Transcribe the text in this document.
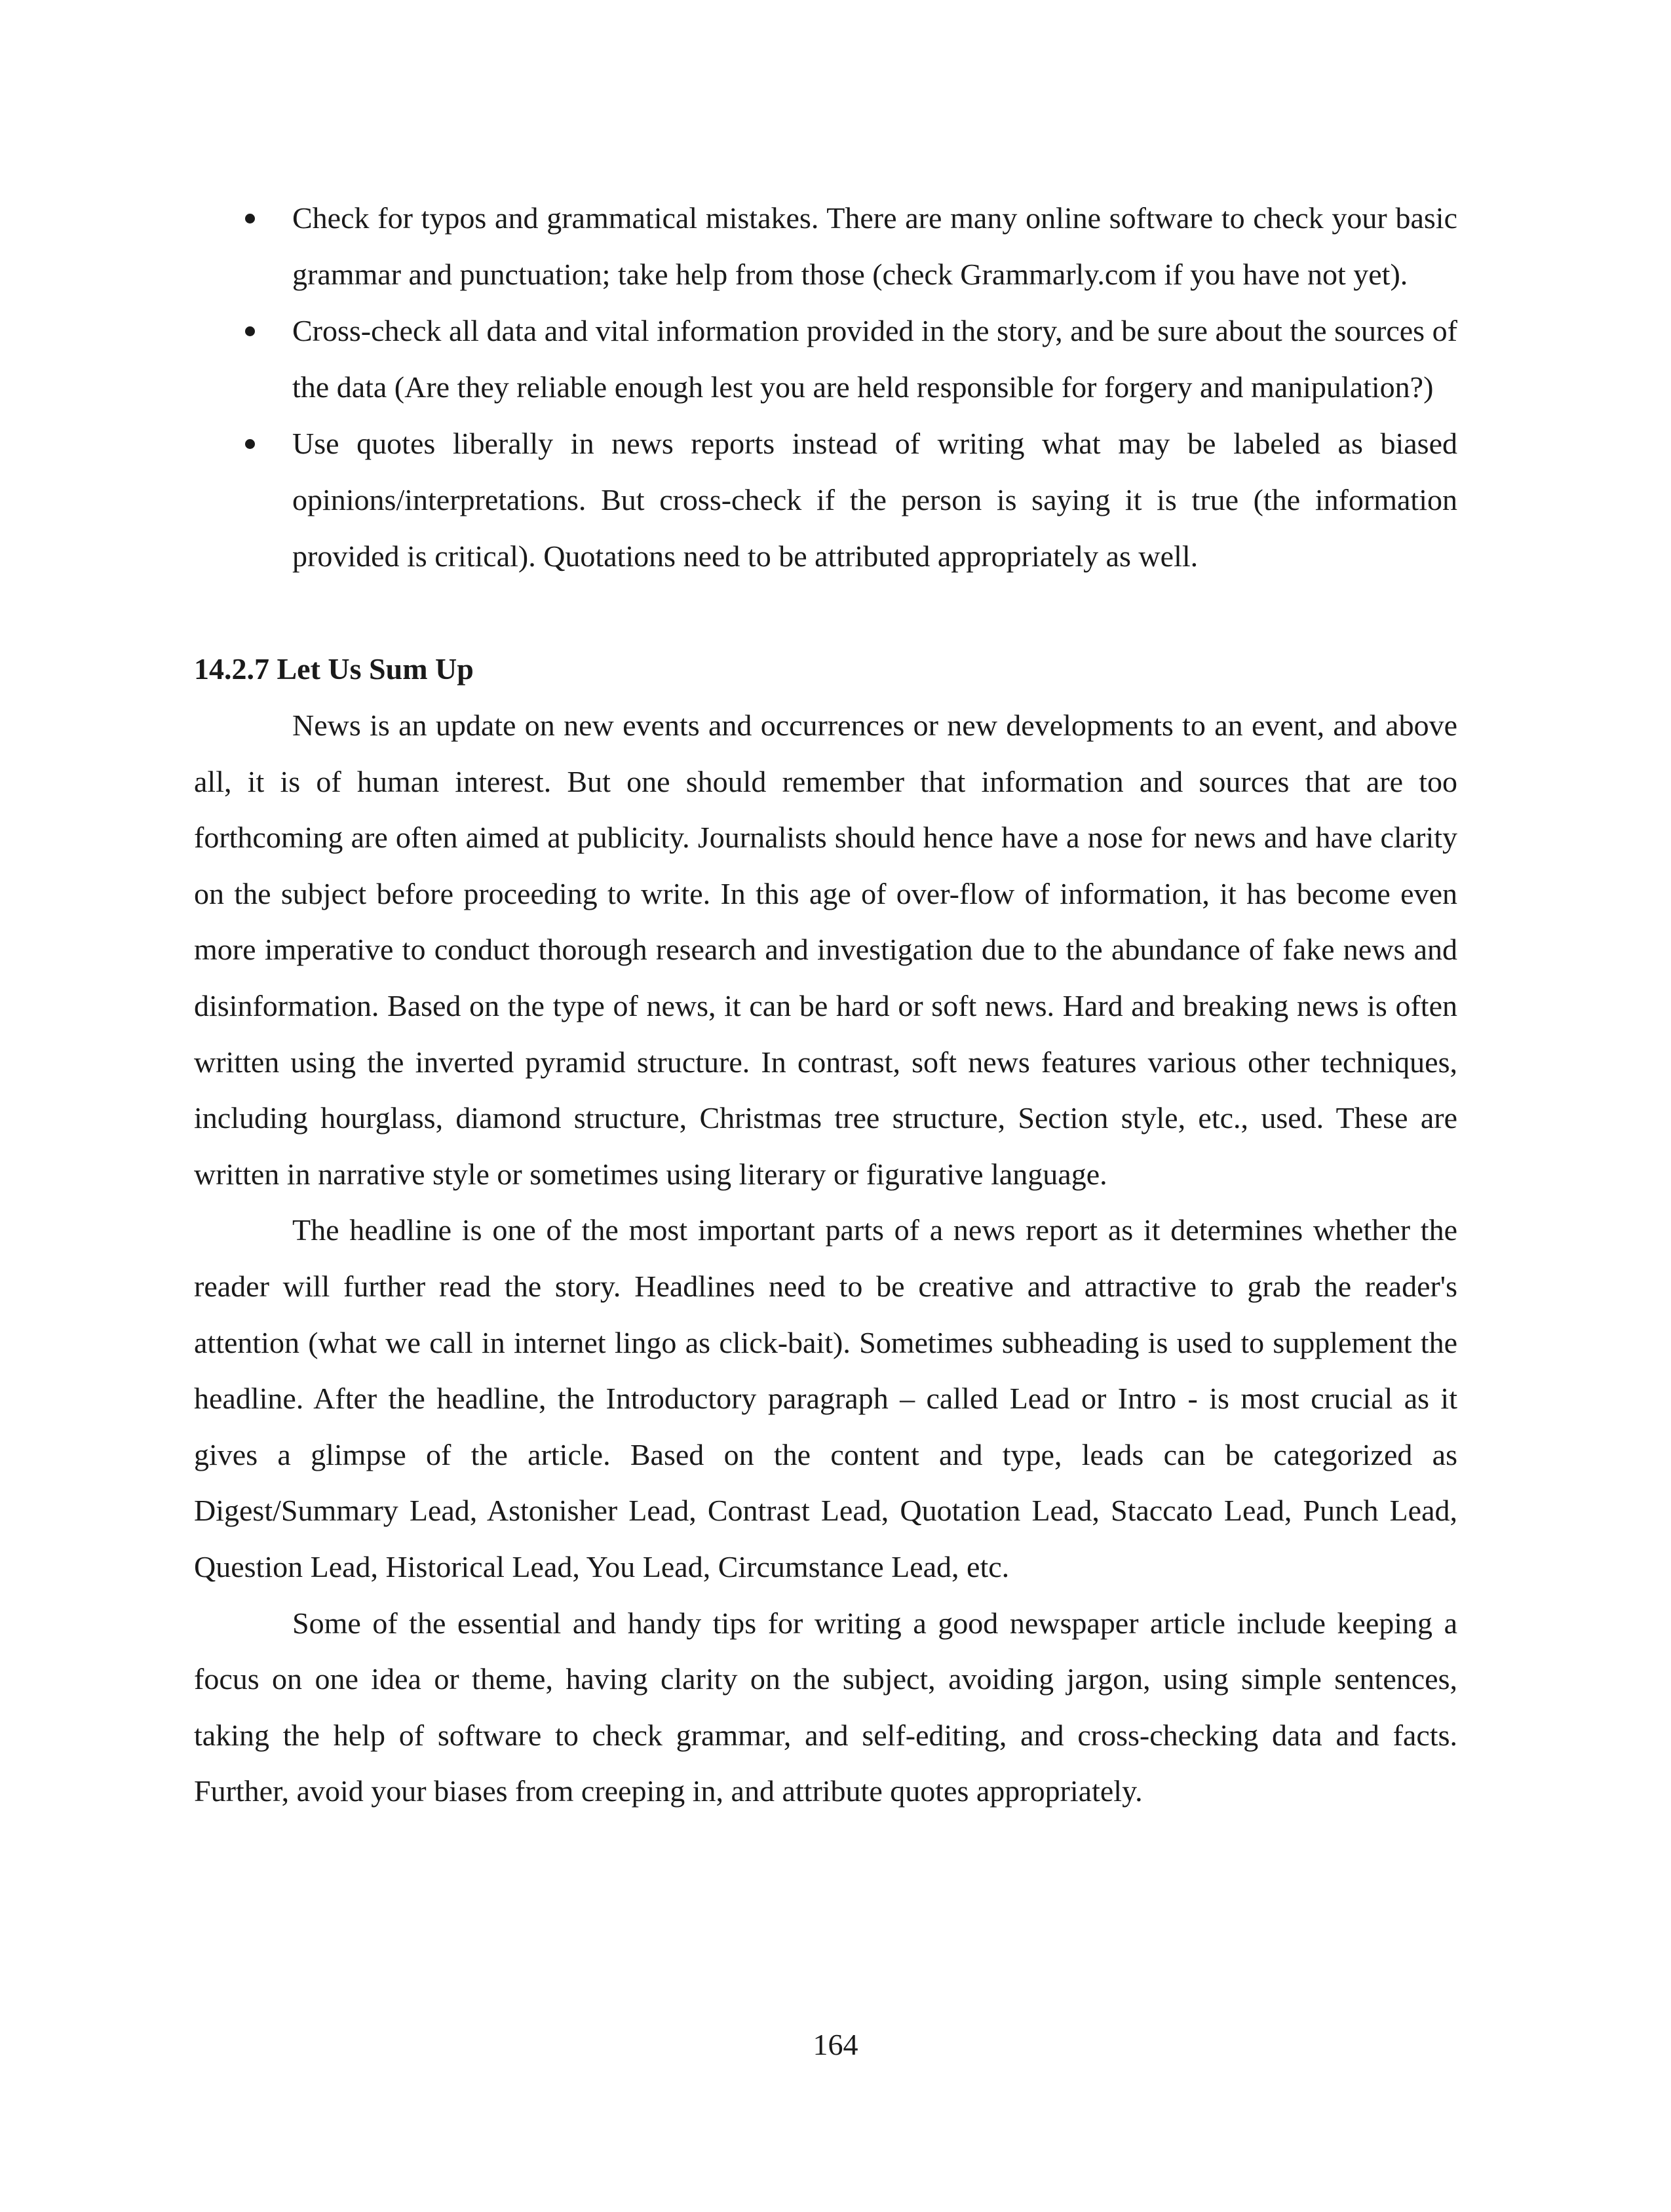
Check for typos and grammatical mistakes. There are many online software to check your basic grammar and punctuation; take help from those (check Grammarly.com if you have not yet).
Cross-check all data and vital information provided in the story, and be sure about the sources of the data (Are they reliable enough lest you are held responsible for forgery and manipulation?)
Use quotes liberally in news reports instead of writing what may be labeled as biased opinions/interpretations. But cross-check if the person is saying it is true (the information provided is critical). Quotations need to be attributed appropriately as well.
14.2.7 Let Us Sum Up

News is an update on new events and occurrences or new developments to an event, and above all, it is of human interest. But one should remember that information and sources that are too forthcoming are often aimed at publicity. Journalists should hence have a nose for news and have clarity on the subject before proceeding to write. In this age of over-flow of information, it has become even more imperative to conduct thorough research and investigation due to the abundance of fake news and disinformation. Based on the type of news, it can be hard or soft news. Hard and breaking news is often written using the inverted pyramid structure. In contrast, soft news features various other techniques, including hourglass, diamond structure, Christmas tree structure, Section style, etc., used. These are written in narrative style or sometimes using literary or figurative language.

The headline is one of the most important parts of a news report as it determines whether the reader will further read the story. Headlines need to be creative and attractive to grab the reader's attention (what we call in internet lingo as click-bait). Sometimes subheading is used to supplement the headline. After the headline, the Introductory paragraph – called Lead or Intro - is most crucial as it gives a glimpse of the article. Based on the content and type, leads can be categorized as Digest/Summary Lead, Astonisher Lead, Contrast Lead, Quotation Lead, Staccato Lead, Punch Lead, Question Lead, Historical Lead, You Lead, Circumstance Lead, etc.

Some of the essential and handy tips for writing a good newspaper article include keeping a focus on one idea or theme, having clarity on the subject, avoiding jargon, using simple sentences, taking the help of software to check grammar, and self-editing, and cross-checking data and facts. Further, avoid your biases from creeping in, and attribute quotes appropriately.

164
